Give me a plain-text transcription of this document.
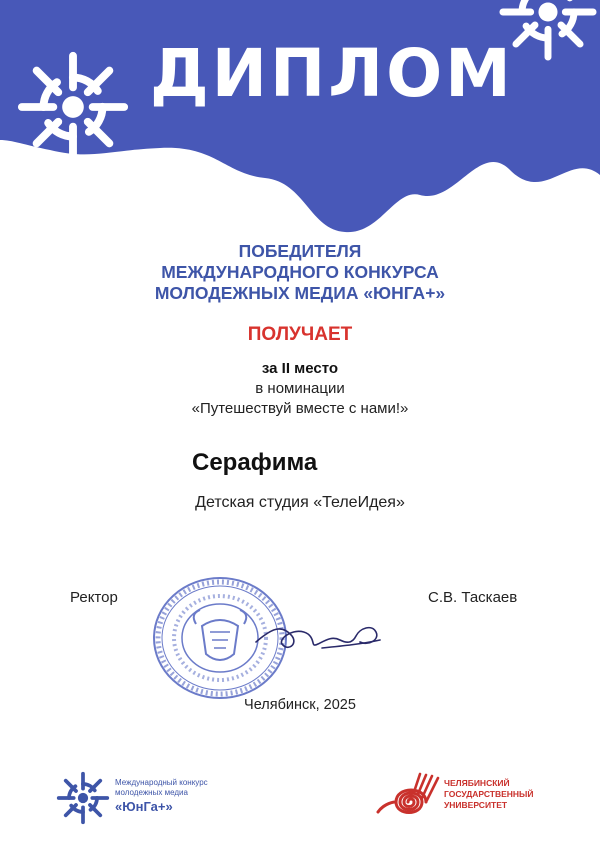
ДИПЛОМ
ПОБЕДИТЕЛЯ
МЕЖДУНАРОДНОГО КОНКУРСА
МОЛОДЕЖНЫХ МЕДИА «ЮНГА+»
ПОЛУЧАЕТ
за II место
в номинации
«Путешествуй вместе с нами!»
Серафима
Детская студия «ТелеИдея»
Ректор	С.В. Таскаев
Челябинск, 2025
Международный конкурс
молодежных медиа
«ЮнГа+»
ЧЕЛЯБИНСКИЙ
ГОСУДАРСТВЕННЫЙ
УНИВЕРСИТЕТ
